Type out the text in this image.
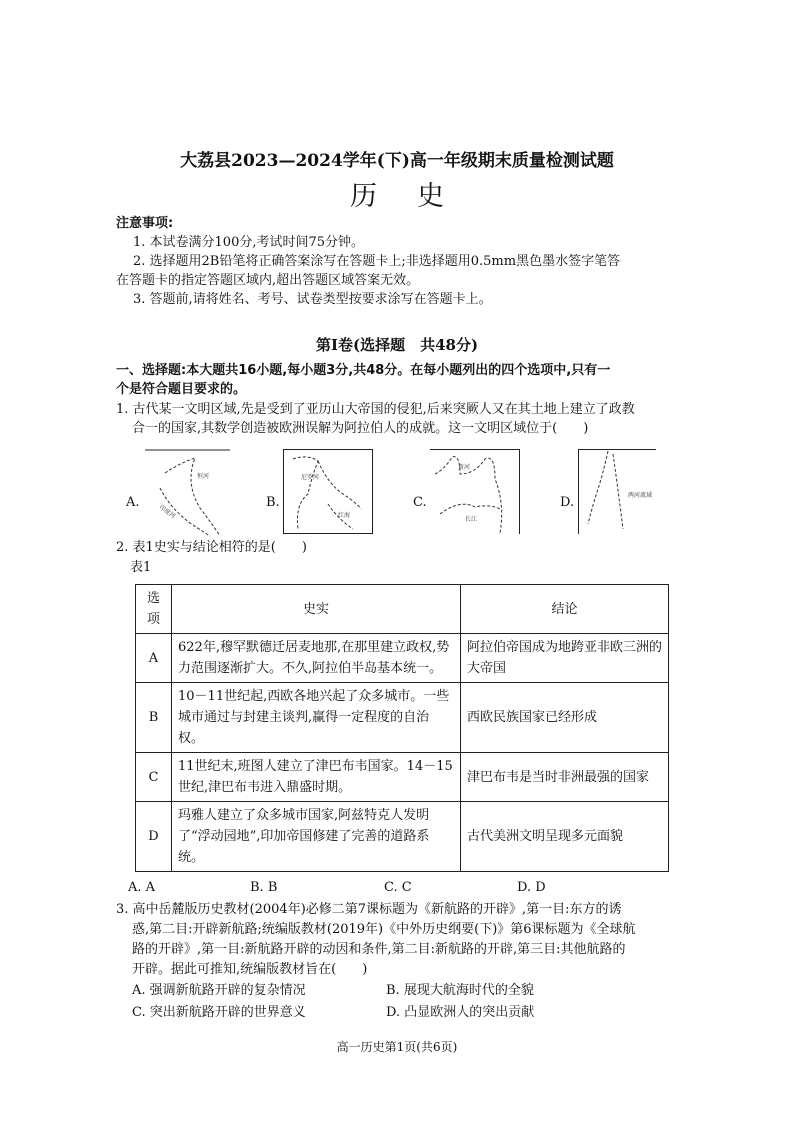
大荔县2023—2024学年(下)高一年级期末质量检测试题
历史
注意事项:
1. 本试卷满分100分,考试时间75分钟。
2. 选择题用2B铅笔将正确答案涂写在答题卡上;非选择题用0.5mm黑色墨水签字笔答
在答题卡的指定答题区域内,超出答题区域答案无效。
3. 答题前,请将姓名、考号、试卷类型按要求涂写在答题卡上。
第Ⅰ卷(选择题　共48分)
一、选择题:本大题共16小题,每小题3分,共48分。在每小题列出的四个选项中,只有一
个是符合题目要求的。
1. 古代某一文明区域,先是受到了亚历山大帝国的侵犯,后来突厥人又在其土地上建立了政教
合一的国家,其数学创造被欧洲误解为阿拉伯人的成就。这一文明区域位于(　　)
A.
恒河
印度河
B.
尼罗河
红海
C.
黄河
长江
D.	两河流域
2. 表1史实与结论相符的是(　　)
表1
选项	史实	结论
A	622年,穆罕默德迁居麦地那,在那里建立政权,势力范围逐渐扩大。不久,阿拉伯半岛基本统一。	阿拉伯帝国成为地跨亚非欧三洲的大帝国
B	10－11世纪起,西欧各地兴起了众多城市。一些城市通过与封建主谈判,赢得一定程度的自治权。	西欧民族国家已经形成
C	11世纪末,班图人建立了津巴布韦国家。14－15世纪,津巴布韦进入鼎盛时期。	津巴布韦是当时非洲最强的国家
D	玛雅人建立了众多城市国家,阿兹特克人发明了“浮动园地”,印加帝国修建了完善的道路系统。	古代美洲文明呈现多元面貌
A. A	B. B	C. C	D. D
3. 高中岳麓版历史教材(2004年)必修二第7课标题为《新航路的开辟》,第一目:东方的诱
惑,第二目:开辟新航路;统编版教材(2019年)《中外历史纲要(下)》第6课标题为《全球航
路的开辟》,第一目:新航路开辟的动因和条件,第二目:新航路的开辟,第三目:其他航路的
开辟。据此可推知,统编版教材旨在(　　)
A. 强调新航路开辟的复杂情况	B. 展现大航海时代的全貌
C. 突出新航路开辟的世界意义	D. 凸显欧洲人的突出贡献
高一历史第1页(共6页)
